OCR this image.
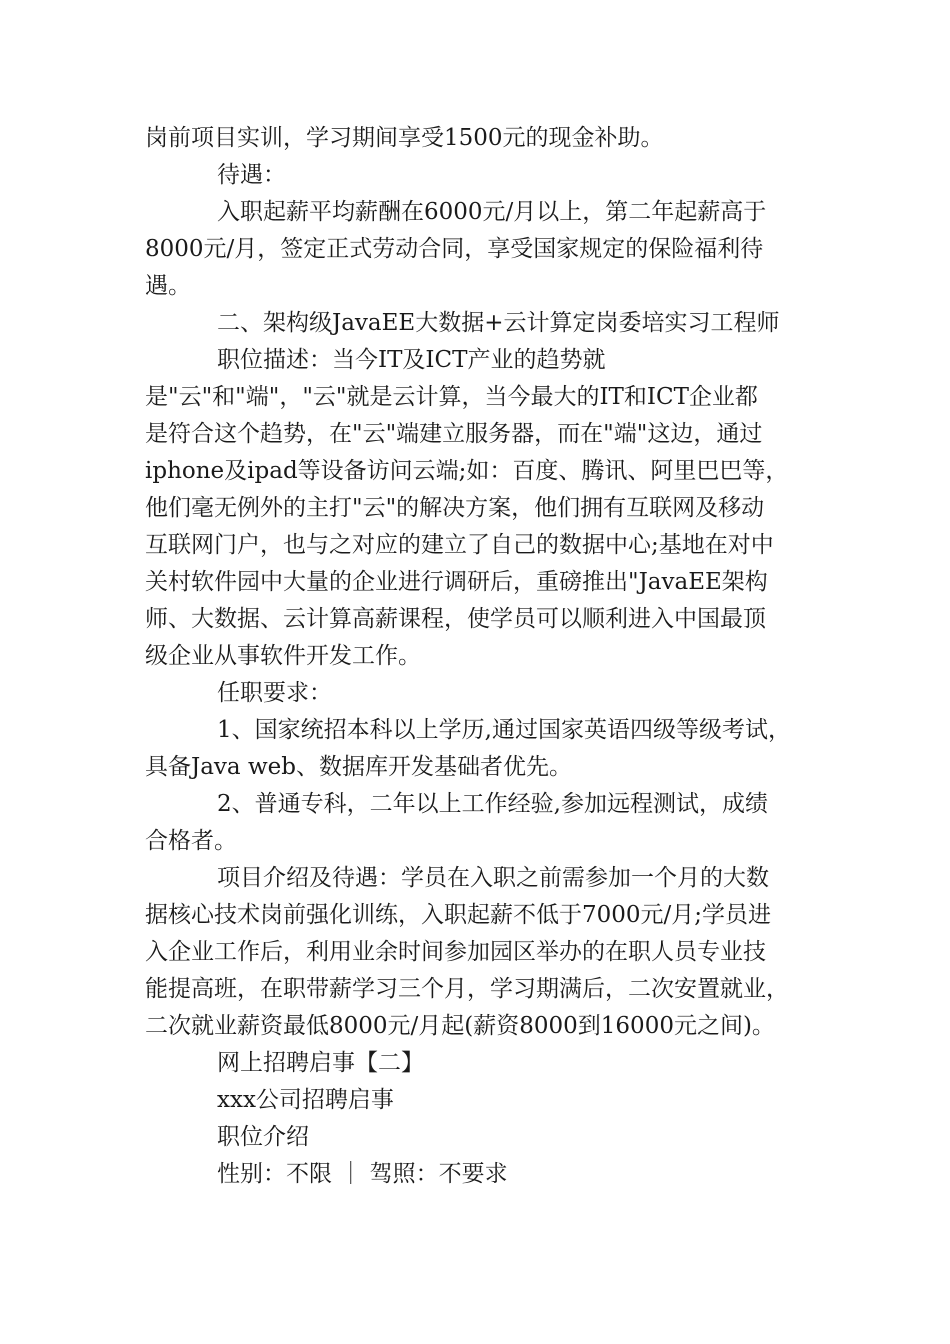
岗前项目实训，学习期间享受1500元的现金补助。
待遇：
入职起薪平均薪酬在6000元/月以上，第二年起薪高于
8000元/月，签定正式劳动合同，享受国家规定的保险福利待
遇。
二、架构级JavaEE大数据+云计算定岗委培实习工程师
职位描述：当今IT及ICT产业的趋势就
是"云"和"端"，"云"就是云计算，当今最大的IT和ICT企业都
是符合这个趋势，在"云"端建立服务器，而在"端"这边，通过
iphone及ipad等设备访问云端;如：百度、腾讯、阿里巴巴等，
他们毫无例外的主打"云"的解决方案，他们拥有互联网及移动
互联网门户，也与之对应的建立了自己的数据中心;基地在对中
关村软件园中大量的企业进行调研后，重磅推出"JavaEE架构
师、大数据、云计算高薪课程，使学员可以顺利进入中国最顶
级企业从事软件开发工作。
任职要求：
1、国家统招本科以上学历,通过国家英语四级等级考试，
具备Java web、数据库开发基础者优先。
2、普通专科，二年以上工作经验,参加远程测试，成绩
合格者。
项目介绍及待遇：学员在入职之前需参加一个月的大数
据核心技术岗前强化训练，入职起薪不低于7000元/月;学员进
入企业工作后，利用业余时间参加园区举办的在职人员专业技
能提高班，在职带薪学习三个月，学习期满后，二次安置就业，
二次就业薪资最低8000元/月起(薪资8000到16000元之间)。
网上招聘启事【二】
xxx公司招聘启事
职位介绍
性别：不限 ｜ 驾照：不要求
